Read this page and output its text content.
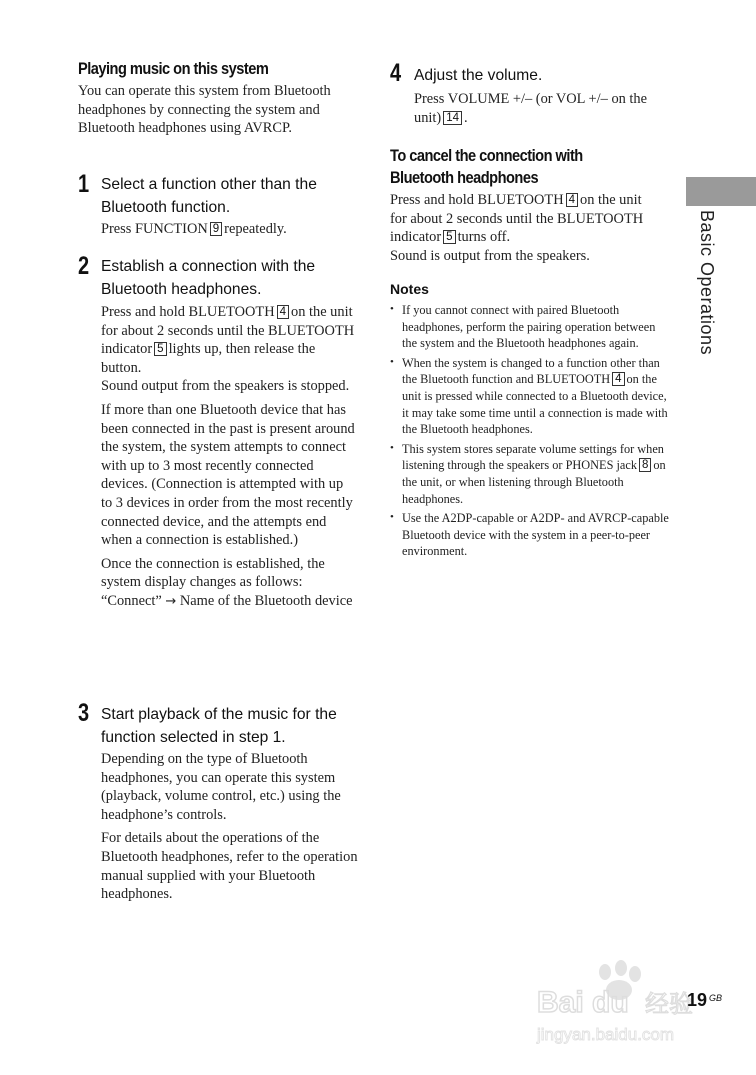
Playing music on this system

You can operate this system from Bluetooth headphones by connecting the system and Bluetooth headphones using AVRCP.

1 Select a function other than the Bluetooth function.

Press FUNCTION 9 repeatedly.

2 Establish a connection with the Bluetooth headphones.

Press and hold BLUETOOTH 4 on the unit for about 2 seconds until the BLUETOOTH indicator 5 lights up, then release the button.
Sound output from the speakers is stopped.

If more than one Bluetooth device that has been connected in the past is present around the system, the system attempts to connect with up to 3 most recently connected devices. (Connection is attempted with up to 3 devices in order from the most recently connected device, and the attempts end when a connection is established.)

Once the connection is established, the system display changes as follows: “Connect” → Name of the Bluetooth device

3 Start playback of the music for the function selected in step 1.

Depending on the type of Bluetooth headphones, you can operate this system (playback, volume control, etc.) using the headphone’s controls.

For details about the operations of the Bluetooth headphones, refer to the operation manual supplied with your Bluetooth headphones.

4 Adjust the volume.

Press VOLUME +/– (or VOL +/– on the unit) 14 .

To cancel the connection with Bluetooth headphones

Press and hold BLUETOOTH 4 on the unit for about 2 seconds until the BLUETOOTH indicator 5 turns off.
Sound is output from the speakers.

Notes
• If you cannot connect with paired Bluetooth headphones, perform the pairing operation between the system and the Bluetooth headphones again.
• When the system is changed to a function other than the Bluetooth function and BLUETOOTH 4 on the unit is pressed while connected to a Bluetooth device, it may take some time until a connection is made with the Bluetooth headphones.
• This system stores separate volume settings for when listening through the speakers or PHONES jack 8 on the unit, or when listening through Bluetooth headphones.
• Use the A2DP-capable or A2DP- and AVRCP-capable Bluetooth device with the system in a peer-to-peer environment.
Basic Operations
Bai du 经验
jingyan.baidu.com
19 GB
